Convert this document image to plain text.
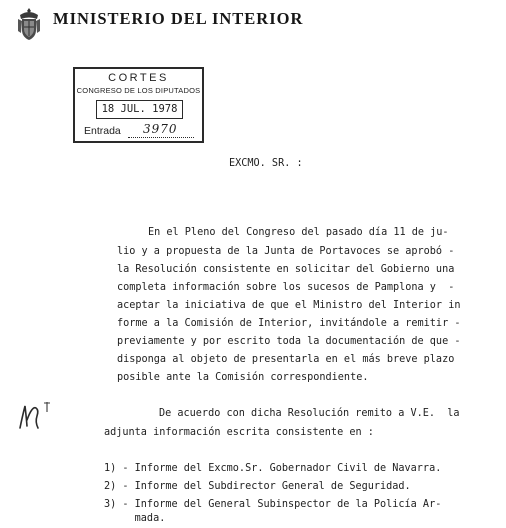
MINISTERIO DEL INTERIOR
CORTES
CONGRESO DE LOS DIPUTADOS
18 JUL. 1978
Entrada 3970
EXCMO. SR. :
En el Pleno del Congreso del pasado día 11 de ju-
lio y a propuesta de la Junta de Portavoces se aprobó -
la Resolución consistente en solicitar del Gobierno una
completa información sobre los sucesos de Pamplona y  -
aceptar la iniciativa de que el Ministro del Interior in
forme a la Comisión de Interior, invitándole a remitir -
previamente y por escrito toda la documentación de que -
disponga al objeto de presentarla en el más breve plazo
posible ante la Comisión correspondiente.
De acuerdo con dicha Resolución remito a V.E.  la
adjunta información escrita consistente en :
1) - Informe del Excmo.Sr. Gobernador Civil de Navarra.
2) - Informe del Subdirector General de Seguridad.
3) - Informe del General Subinspector de la Policía Ar-
mada.
